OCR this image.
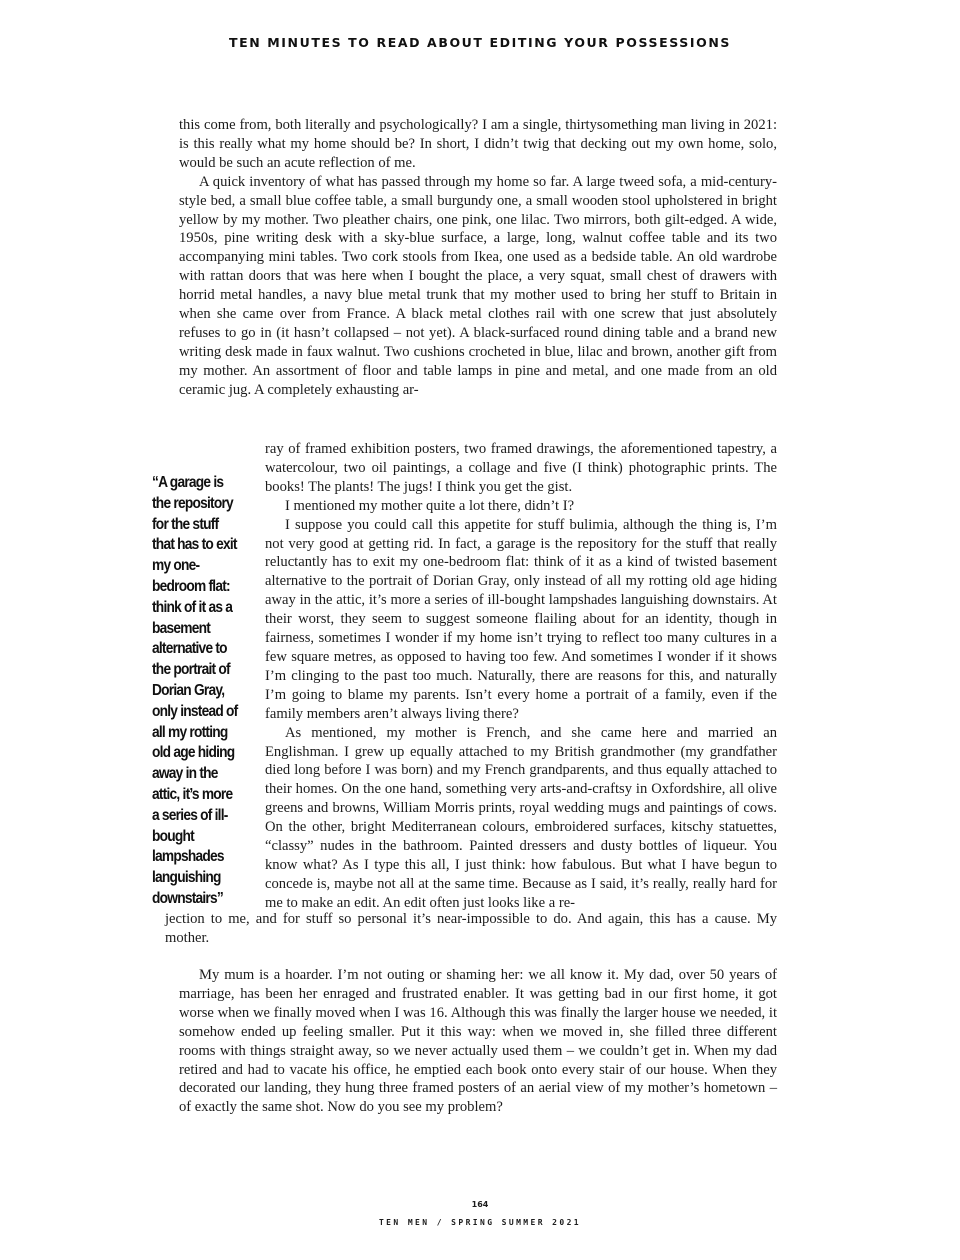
TEN MINUTES TO READ ABOUT EDITING YOUR POSSESSIONS

this come from, both literally and psychologically? I am a single, thirtysomething man living in 2021: is this really what my home should be? In short, I didn’t twig that decking out my own home, solo, would be such an acute reflection of me.

A quick inventory of what has passed through my home so far. A large tweed sofa, a mid-century-style bed, a small blue coffee table, a small burgundy one, a small wooden stool upholstered in bright yellow by my mother. Two pleather chairs, one pink, one lilac. Two mirrors, both gilt-edged. A wide, 1950s, pine writing desk with a sky-blue surface, a large, long, walnut coffee table and its two accompanying mini tables. Two cork stools from Ikea, one used as a bedside table. An old wardrobe with rattan doors that was here when I bought the place, a very squat, small chest of drawers with horrid metal handles, a navy blue metal trunk that my mother used to bring her stuff to Britain in when she came over from France. A black metal clothes rail with one screw that just absolutely refuses to go in (it hasn’t collapsed – not yet). A black-surfaced round dining table and a brand new writing desk made in faux walnut. Two cushions crocheted in blue, lilac and brown, another gift from my mother. An assortment of floor and table lamps in pine and metal, and one made from an old ceramic jug. A completely exhausting ar-

“A garage is the repository for the stuff that has to exit my one-bedroom flat: think of it as a basement alternative to the portrait of Dorian Gray, only instead of all my rotting old age hiding away in the attic, it’s more a series of ill-bought lampshades languishing downstairs”

ray of framed exhibition posters, two framed drawings, the aforementioned tapestry, a watercolour, two oil paintings, a collage and five (I think) photographic prints. The books! The plants! The jugs! I think you get the gist.

I mentioned my mother quite a lot there, didn’t I?

I suppose you could call this appetite for stuff bulimia, although the thing is, I’m not very good at getting rid. In fact, a garage is the repository for the stuff that really reluctantly has to exit my one-bedroom flat: think of it as a kind of twisted basement alternative to the portrait of Dorian Gray, only instead of all my rotting old age hiding away in the attic, it’s more a series of ill-bought lampshades languishing downstairs. At their worst, they seem to suggest someone flailing about for an identity, though in fairness, sometimes I wonder if my home isn’t trying to reflect too many cultures in a few square metres, as opposed to having too few. And sometimes I wonder if it shows I’m clinging to the past too much. Naturally, there are reasons for this, and naturally I’m going to blame my parents. Isn’t every home a portrait of a family, even if the family members aren’t always living there?

As mentioned, my mother is French, and she came here and married an Englishman. I grew up equally attached to my British grandmother (my grandfather died long before I was born) and my French grandparents, and thus equally attached to their homes. On the one hand, something very arts-and-craftsy in Oxfordshire, all olive greens and browns, William Morris prints, royal wedding mugs and paintings of cows. On the other, bright Mediterranean colours, embroidered surfaces, kitschy statuettes, “classy” nudes in the bathroom. Painted dressers and dusty bottles of liqueur. You know what? As I type this all, I just think: how fabulous. But what I have begun to concede is, maybe not all at the same time. Because as I said, it’s really, really hard for me to make an edit. An edit often just looks like a re-

jection to me, and for stuff so personal it’s near-impossible to do. And again, this has a cause. My mother.

My mum is a hoarder. I’m not outing or shaming her: we all know it. My dad, over 50 years of marriage, has been her enraged and frustrated enabler. It was getting bad in our first home, it got worse when we finally moved when I was 16. Although this was finally the larger house we needed, it somehow ended up feeling smaller. Put it this way: when we moved in, she filled three different rooms with things straight away, so we never actually used them – we couldn’t get in. When my dad retired and had to vacate his office, he emptied each book onto every stair of our house. When they decorated our landing, they hung three framed posters of an aerial view of my mother’s hometown – of exactly the same shot. Now do you see my problem?

164
TEN MEN / SPRING SUMMER 2021
